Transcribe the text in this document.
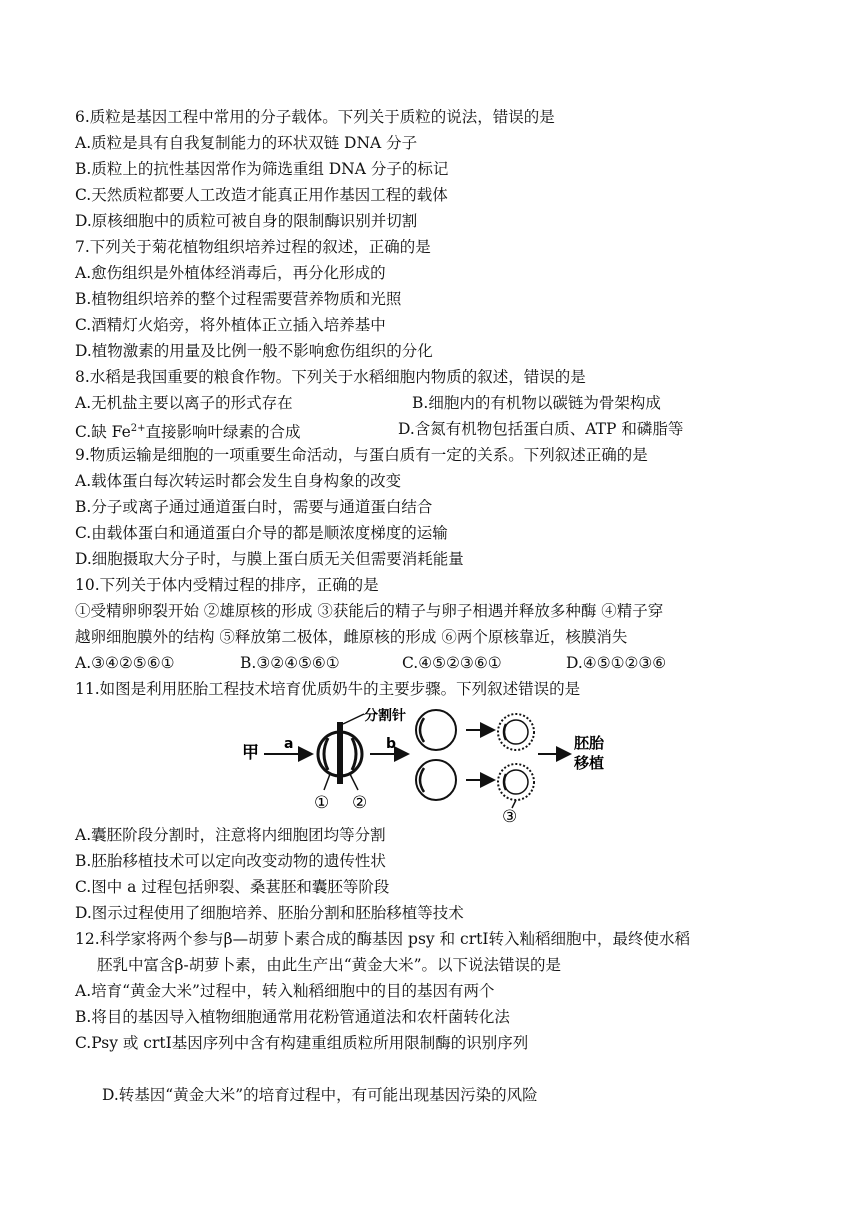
6.质粒是基因工程中常用的分子载体。下列关于质粒的说法，错误的是
A.质粒是具有自我复制能力的环状双链 DNA 分子
B.质粒上的抗性基因常作为筛选重组 DNA 分子的标记
C.天然质粒都要人工改造才能真正用作基因工程的载体
D.原核细胞中的质粒可被自身的限制酶识别并切割
7.下列关于菊花植物组织培养过程的叙述，正确的是
A.愈伤组织是外植体经消毒后，再分化形成的
B.植物组织培养的整个过程需要营养物质和光照
C.酒精灯火焰旁，将外植体正立插入培养基中
D.植物激素的用量及比例一般不影响愈伤组织的分化
8.水稻是我国重要的粮食作物。下列关于水稻细胞内物质的叙述，错误的是
A.无机盐主要以离子的形式存在	B.细胞内的有机物以碳链为骨架构成
C.缺 $Fe^{2+}$直接影响叶绿素的合成	D.含氮有机物包括蛋白质、ATP 和磷脂等
9.物质运输是细胞的一项重要生命活动，与蛋白质有一定的关系。下列叙述正确的是
A.载体蛋白每次转运时都会发生自身构象的改变
B.分子或离子通过通道蛋白时，需要与通道蛋白结合
C.由载体蛋白和通道蛋白介导的都是顺浓度梯度的运输
D.细胞摄取大分子时，与膜上蛋白质无关但需要消耗能量
10.下列关于体内受精过程的排序，正确的是
①受精卵卵裂开始 ②雄原核的形成 ③获能后的精子与卵子相遇并释放多种酶 ④精子穿
越卵细胞膜外的结构 ⑤释放第二极体，雌原核的形成 ⑥两个原核靠近，核膜消失
A.③④②⑤⑥①	B.③②④⑤⑥①	C.④⑤②③⑥①	D.④⑤①②③⑥
11.如图是利用胚胎工程技术培育优质奶牛的主要步骤。下列叙述错误的是
甲 a
分割针
① ②
b
③
胚胎
移植
A.囊胚阶段分割时，注意将内细胞团均等分割
B.胚胎移植技术可以定向改变动物的遗传性状
C.图中 a 过程包括卵裂、桑葚胚和囊胚等阶段
D.图示过程使用了细胞培养、胚胎分割和胚胎移植等技术
12.科学家将两个参与β—胡萝卜素合成的酶基因 psy 和 crtⅠ转入籼稻细胞中，最终使水稻
胚乳中富含β-胡萝卜素，由此生产出“黄金大米”。以下说法错误的是
A.培育“黄金大米”过程中，转入籼稻细胞中的目的基因有两个
B.将目的基因导入植物细胞通常用花粉管通道法和农杆菌转化法
C.Psy 或 crtⅠ基因序列中含有构建重组质粒所用限制酶的识别序列
D.转基因“黄金大米”的培育过程中，有可能出现基因污染的风险
